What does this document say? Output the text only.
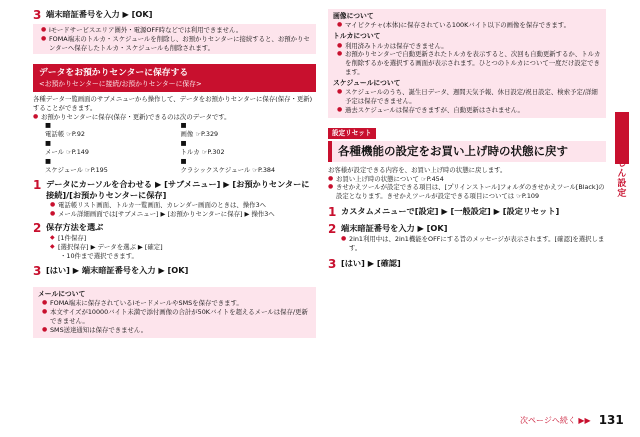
3 端末暗証番号を入力 ▶ [OK]
● iモードサービスエリア圏外・電源OFF時などでは利用できません。
● FOMA端末のトルカ・スケジュールを削除し、お預かりセンターに接続すると、お預かりセンターへ保存したトルカ・スケジュールも削除されます。
データをお預かりセンターに保存する
<お預かりセンターに接続/お預かりセンターに保存>
各種データ一覧画面のサブメニューから操作して、データをお預かりセンターに保存(保存・更新)することができます。
● お預かりセンターに保存(保存・更新)できるのは次のデータです。
■
電話帳 ☞P.92
■
画像 ☞P.329
■
メール ☞P.149
■
トルカ ☞P.302
■
スケジュール ☞P.195
■
クラシックスケジュール ☞P.384
1 データにカーソルを合わせる ▶ [サブメニュー] ▶ [お預かりセンターに接続]/[お預かりセンターに保存]
● 電話帳リスト画面、トルカ一覧画面、カレンダー画面のときは、操作3へ
● メール詳細画面では[サブメニュー] ▶ [お預かりセンターに保存] ▶ 操作3へ
2 保存方法を選ぶ
◆ [1件保存]
◆ [選択保存] ▶ データを選ぶ ▶ [確定]
・10件まで選択できます。
3 [はい] ▶ 端末暗証番号を入力 ▶ [OK]
メールについて
● FOMA端末に保存されているiモードメールやSMSを保存できます。
● 本文サイズが10000バイト未満で添付画像の合計が50Kバイトを超えるメールは保存/更新できません。
● SMS送達通知は保存できません。
画像について
● マイピクチャ(本体)に保存されている100Kバイト以下の画像を保存できます。
トルカについて
● 利用済みトルカは保存できません。
● お預かりセンターで自動更新されたトルカを表示すると、次回も自動更新するか、トルカを削除するかを選択する画面が表示されます。ひとつのトルカについて一度だけ設定できます。
スケジュールについて
● スケジュールのうち、誕生日データ、週間天気予報、休日設定/祝日設定、検索予定/詳細予定は保存できません。
● 過去スケジュールは保存できますが、自動更新はされません。
設定リセット
各種機能の設定をお買い上げ時の状態に戻す
お客様が設定できる内容を、お買い上げ時の状態に戻します。
● お買い上げ時の状態について ☞P.454
● きせかえツールが設定できる項目は、[プリインストール]フォルダのきせかえツール[Black]の設定となります。きせかえツールが設定できる項目については ☞P.109
1 カスタムメニューで[設定] ▶ [一般設定] ▶ [設定リセット]
2 端末暗証番号を入力 ▶ [OK]
● 2in1利用中は、2in1機能をOFFにする旨のメッセージが表示されます。[確認]を選択します。
3 [はい] ▶ [確認]
あんしん設定
次ページへ続く ▶▶ 131
